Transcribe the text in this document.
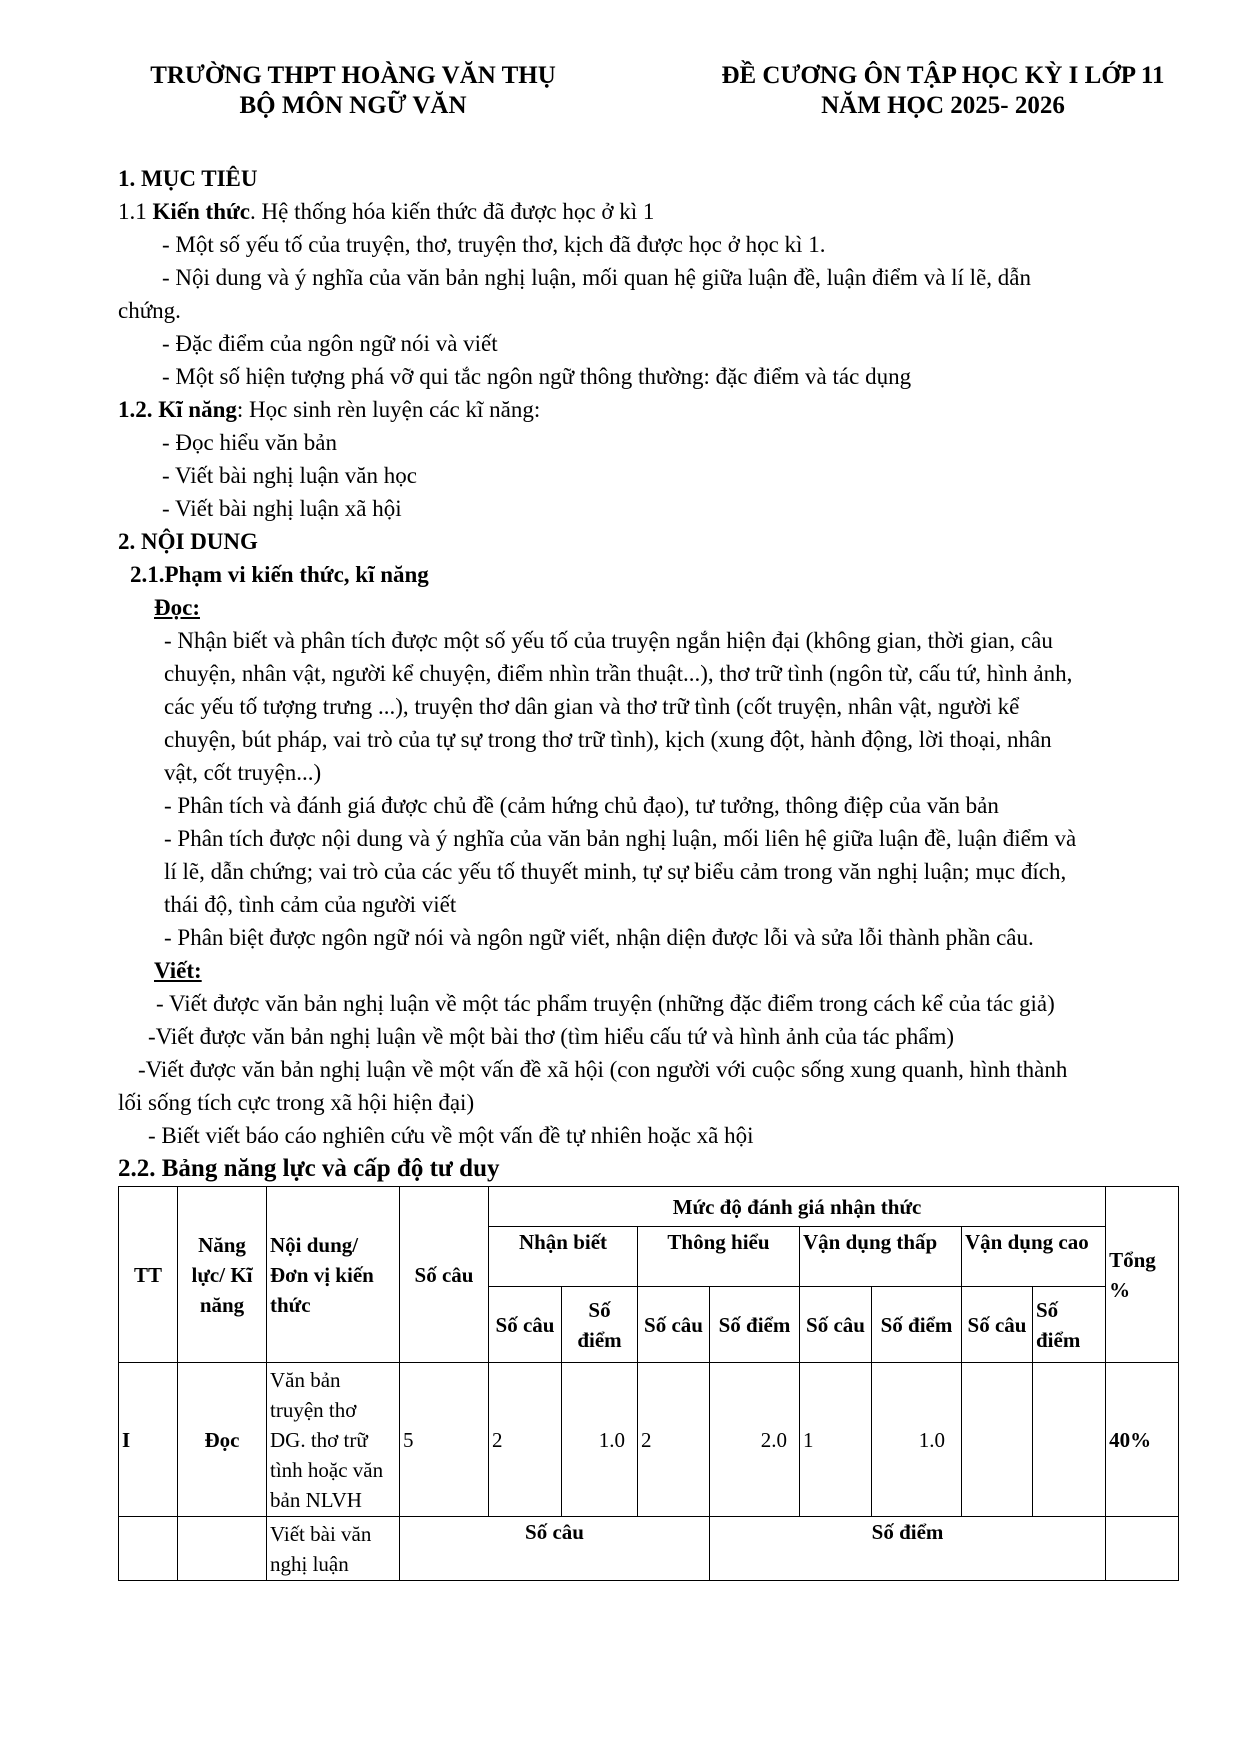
TRƯỜNG THPT HOÀNG VĂN THỤ
BỘ MÔN NGỮ VĂN
ĐỀ CƯƠNG ÔN TẬP HỌC KỲ I LỚP 11
NĂM HỌC 2025- 2026
1. MỤC TIÊU
1.1 Kiến thức. Hệ thống hóa kiến thức đã được học ở kì 1
- Một số yếu tố của truyện, thơ, truyện thơ, kịch đã được học ở học kì 1.
- Nội dung và ý nghĩa của văn bản nghị luận, mối quan hệ giữa luận đề, luận điểm và lí lẽ, dẫn
chứng.
- Đặc điểm của ngôn ngữ nói và viết
- Một số hiện tượng phá vỡ qui tắc ngôn ngữ thông thường: đặc điểm và tác dụng
1.2. Kĩ năng: Học sinh rèn luyện các kĩ năng:
- Đọc hiểu văn bản
- Viết bài nghị luận văn học
- Viết bài nghị luận xã hội
2. NỘI DUNG
2.1.Phạm vi kiến thức, kĩ năng
Đọc:
- Nhận biết và phân tích được một số yếu tố của truyện ngắn hiện đại (không gian, thời gian, câu
chuyện, nhân vật, người kể chuyện, điểm nhìn trần thuật...), thơ trữ tình (ngôn từ, cấu tứ, hình ảnh,
các yếu tố tượng trưng ...), truyện thơ dân gian và thơ trữ tình (cốt truyện, nhân vật, người kể
chuyện, bút pháp, vai trò của tự sự trong thơ trữ tình), kịch (xung đột, hành động, lời thoại, nhân
vật, cốt truyện...)
- Phân tích và đánh giá được chủ đề (cảm hứng chủ đạo), tư tưởng, thông điệp của văn bản
- Phân tích được nội dung và ý nghĩa của văn bản nghị luận, mối liên hệ giữa luận đề, luận điểm và
lí lẽ, dẫn chứng; vai trò của các yếu tố thuyết minh, tự sự biểu cảm trong văn nghị luận; mục đích,
thái độ, tình cảm của người viết
- Phân biệt được ngôn ngữ nói và ngôn ngữ viết, nhận diện được lỗi và sửa lỗi thành phần câu.
Viết:
- Viết được văn bản nghị luận về một tác phẩm truyện (những đặc điểm trong cách kể của tác giả)
-Viết được văn bản nghị luận về một bài thơ (tìm hiểu cấu tứ và hình ảnh của tác phẩm)
-Viết được văn bản nghị luận về một vấn đề xã hội (con người với cuộc sống xung quanh, hình thành
lối sống tích cực trong xã hội hiện đại)
- Biết viết báo cáo nghiên cứu về một vấn đề tự nhiên hoặc xã hội
2.2. Bảng năng lực và cấp độ tư duy
TT	Năng lực/ Kĩ năng	Nội dung/ Đơn vị kiến thức	Số câu	Mức độ đánh giá nhận thức								Tổng %
				Nhận biết		Thông hiểu		Vận dụng thấp		Vận dụng cao		
				Số câu	Số điểm	Số câu	Số điểm	Số câu	Số điểm	Số câu	Số điểm	
I	Đọc	Văn bản truyện thơ DG. thơ trữ tình hoặc văn bản NLVH	5	2	1.0	2	2.0	1	1.0			40%
		Viết bài văn nghị luận	Số câu				Số điểm					
